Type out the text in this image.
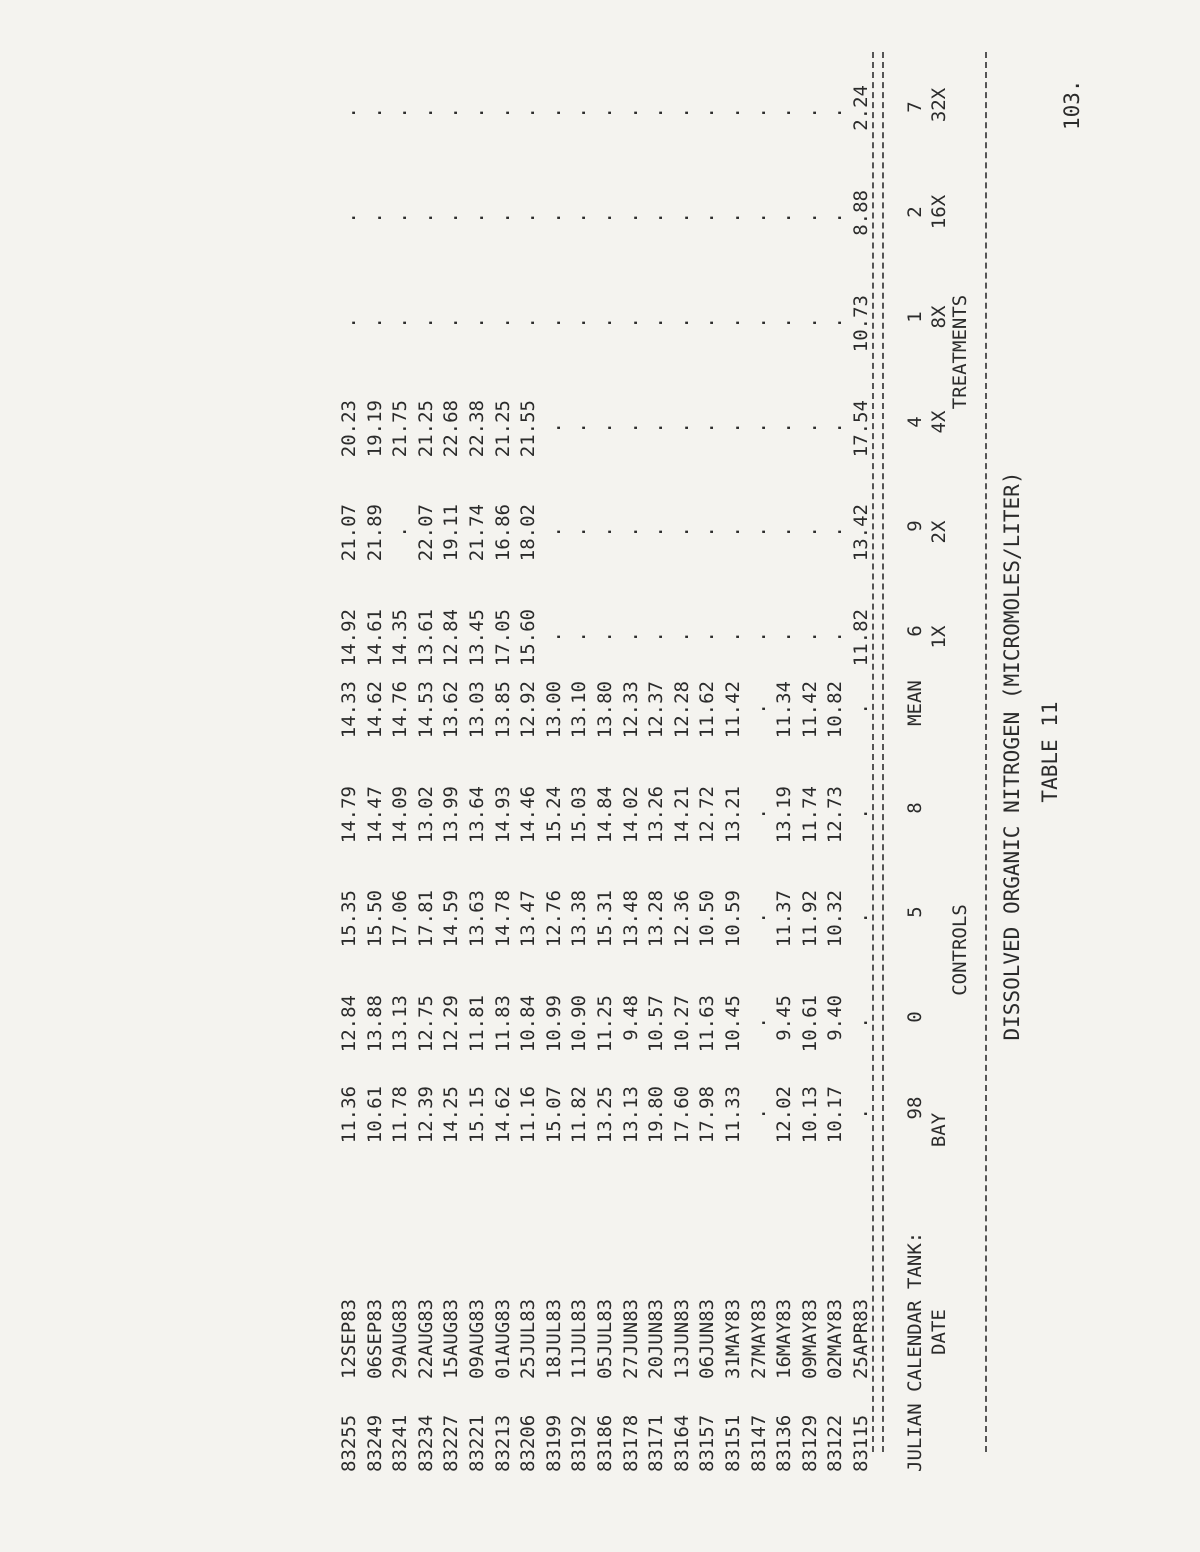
103.
TABLE 11
DISSOLVED ORGANIC NITROGEN (MICROMOLES/LITER)
CONTROLS
TREATMENTS
DATE
BAY
1X
2X
4X
8X
16X
32X
JULIAN CALENDAR TANK:
98
0
5
8
MEAN
6
9
4
1
2
7
83115
25APR83
.
.
.
.
.
11.82
13.42
17.54
10.73
8.88
2.24
83122
02MAY83
10.17
9.40
10.32
12.73
10.82
.
.
.
.
.
.
83129
09MAY83
10.13
10.61
11.92
11.74
11.42
.
.
.
.
.
.
83136
16MAY83
12.02
9.45
11.37
13.19
11.34
.
.
.
.
.
.
83147
27MAY83
.
.
.
.
.
.
.
.
.
.
.
83151
31MAY83
11.33
10.45
10.59
13.21
11.42
.
.
.
.
.
.
83157
06JUN83
17.98
11.63
10.50
12.72
11.62
.
.
.
.
.
.
83164
13JUN83
17.60
10.27
12.36
14.21
12.28
.
.
.
.
.
.
83171
20JUN83
19.80
10.57
13.28
13.26
12.37
.
.
.
.
.
.
83178
27JUN83
13.13
9.48
13.48
14.02
12.33
.
.
.
.
.
.
83186
05JUL83
13.25
11.25
15.31
14.84
13.80
.
.
.
.
.
.
83192
11JUL83
11.82
10.90
13.38
15.03
13.10
.
.
.
.
.
.
83199
18JUL83
15.07
10.99
12.76
15.24
13.00
.
.
.
.
.
.
83206
25JUL83
11.16
10.84
13.47
14.46
12.92
15.60
18.02
21.55
.
.
.
83213
01AUG83
14.62
11.83
14.78
14.93
13.85
17.05
16.86
21.25
.
.
.
83221
09AUG83
15.15
11.81
13.63
13.64
13.03
13.45
21.74
22.38
.
.
.
83227
15AUG83
14.25
12.29
14.59
13.99
13.62
12.84
19.11
22.68
.
.
.
83234
22AUG83
12.39
12.75
17.81
13.02
14.53
13.61
22.07
21.25
.
.
.
83241
29AUG83
11.78
13.13
17.06
14.09
14.76
14.35
.
21.75
.
.
.
83249
06SEP83
10.61
13.88
15.50
14.47
14.62
14.61
21.89
19.19
.
.
.
83255
12SEP83
11.36
12.84
15.35
14.79
14.33
14.92
21.07
20.23
.
.
.
